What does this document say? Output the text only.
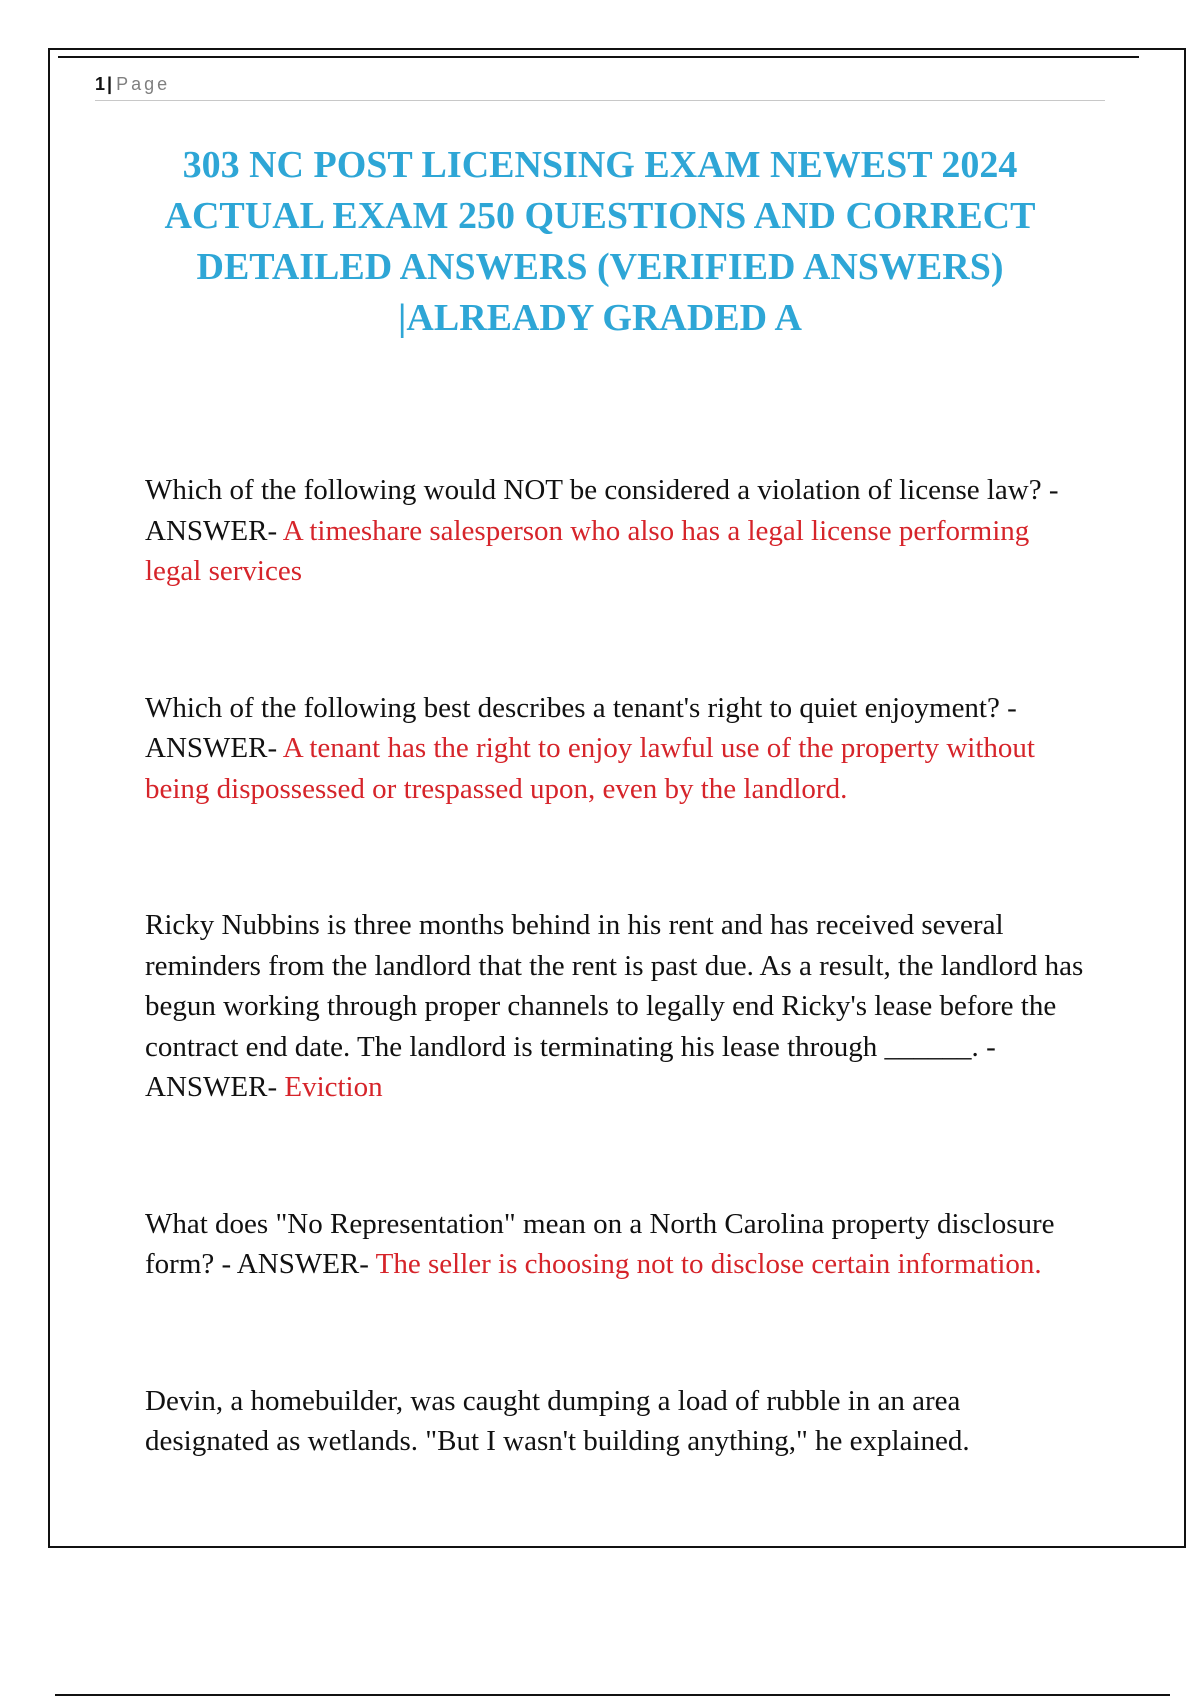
1 | Page
303 NC POST LICENSING EXAM NEWEST 2024 ACTUAL EXAM 250 QUESTIONS AND CORRECT DETAILED ANSWERS (VERIFIED ANSWERS) |ALREADY GRADED A
Which of the following would NOT be considered a violation of license law? - ANSWER- A timeshare salesperson who also has a legal license performing legal services
Which of the following best describes a tenant's right to quiet enjoyment? - ANSWER- A tenant has the right to enjoy lawful use of the property without being dispossessed or trespassed upon, even by the landlord.
Ricky Nubbins is three months behind in his rent and has received several reminders from the landlord that the rent is past due. As a result, the landlord has begun working through proper channels to legally end Ricky's lease before the contract end date. The landlord is terminating his lease through ______. - ANSWER- Eviction
What does "No Representation" mean on a North Carolina property disclosure form? - ANSWER- The seller is choosing not to disclose certain information.
Devin, a homebuilder, was caught dumping a load of rubble in an area designated as wetlands. "But I wasn't building anything," he explained.
